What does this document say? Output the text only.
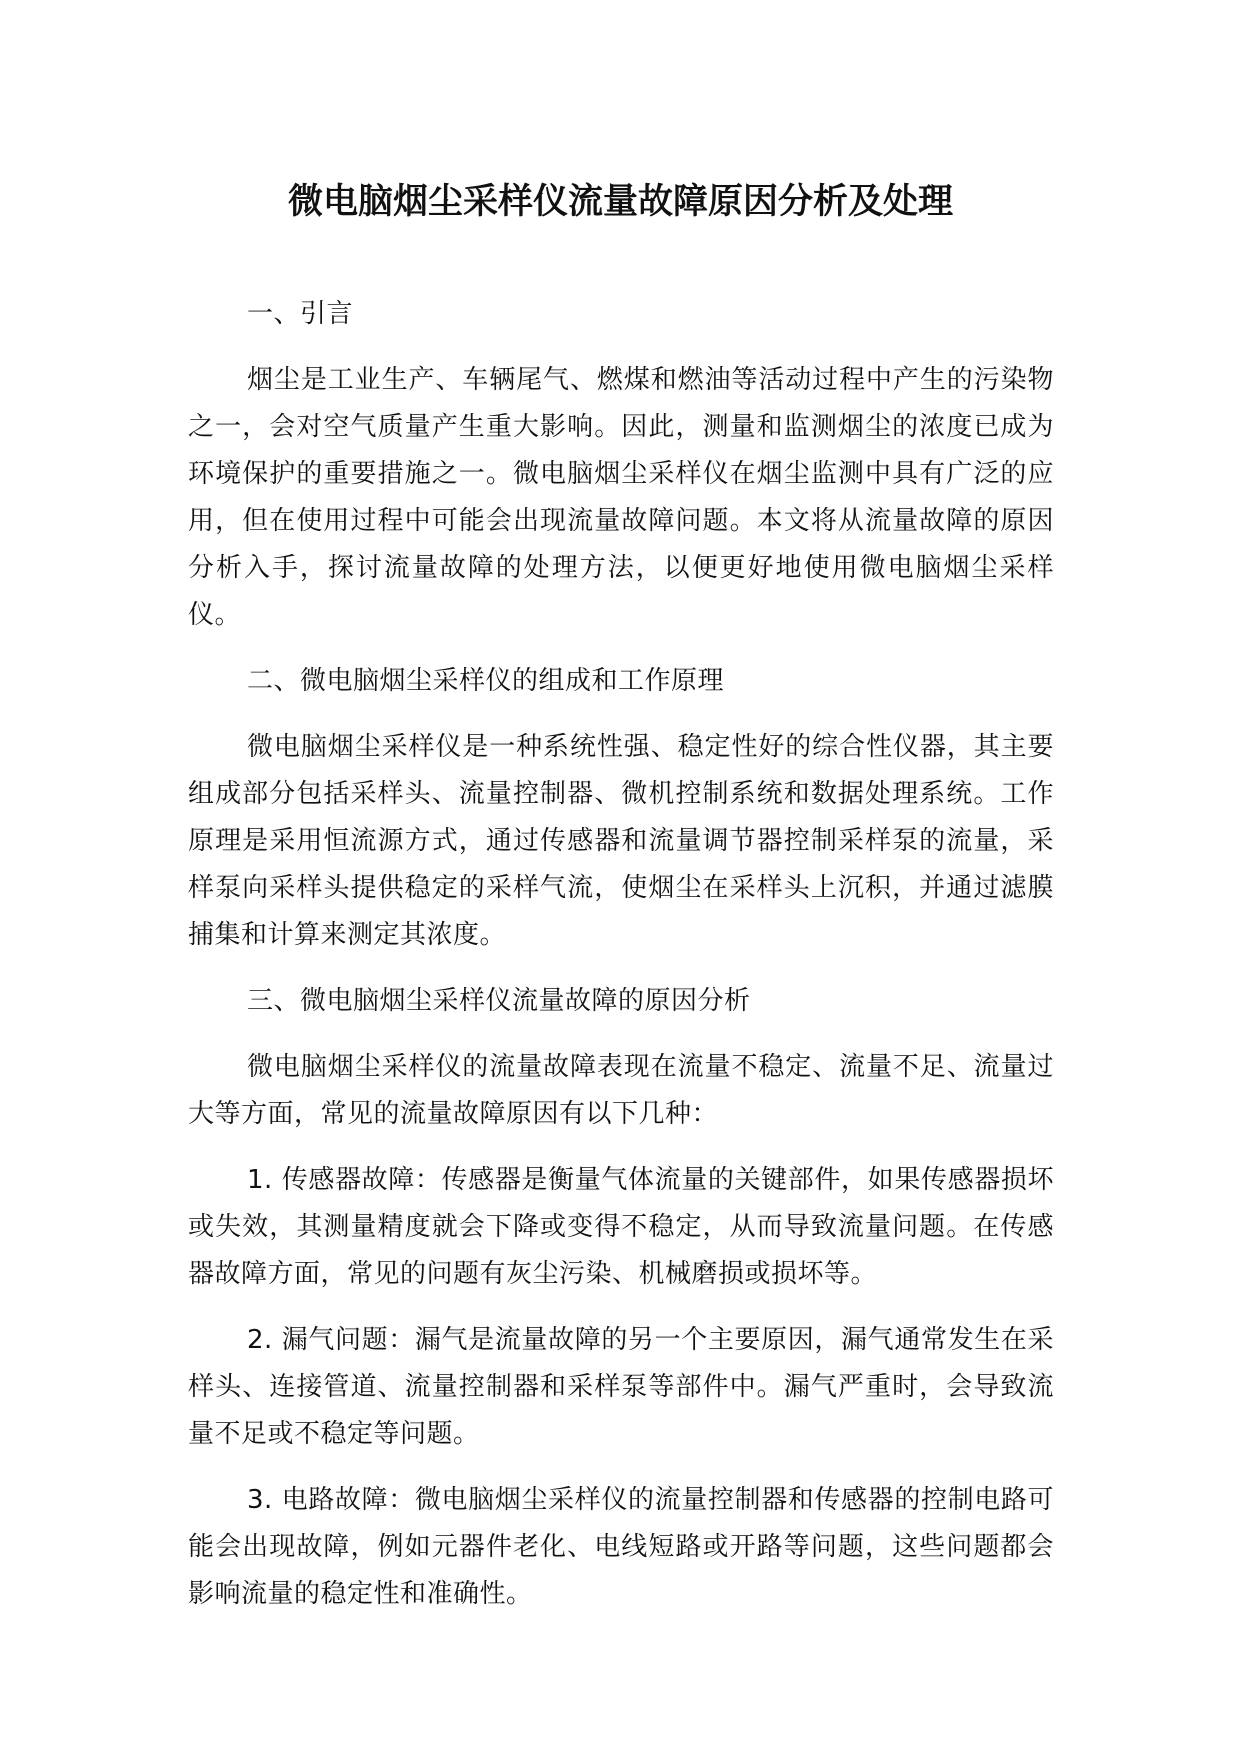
微电脑烟尘采样仪流量故障原因分析及处理

一、引言

烟尘是工业生产、车辆尾气、燃煤和燃油等活动过程中产生的污染物之一，会对空气质量产生重大影响。因此，测量和监测烟尘的浓度已成为环境保护的重要措施之一。微电脑烟尘采样仪在烟尘监测中具有广泛的应用，但在使用过程中可能会出现流量故障问题。本文将从流量故障的原因分析入手，探讨流量故障的处理方法，以便更好地使用微电脑烟尘采样仪。

二、微电脑烟尘采样仪的组成和工作原理

微电脑烟尘采样仪是一种系统性强、稳定性好的综合性仪器，其主要组成部分包括采样头、流量控制器、微机控制系统和数据处理系统。工作原理是采用恒流源方式，通过传感器和流量调节器控制采样泵的流量，采样泵向采样头提供稳定的采样气流，使烟尘在采样头上沉积，并通过滤膜捕集和计算来测定其浓度。

三、微电脑烟尘采样仪流量故障的原因分析

微电脑烟尘采样仪的流量故障表现在流量不稳定、流量不足、流量过大等方面，常见的流量故障原因有以下几种：

1. 传感器故障：传感器是衡量气体流量的关键部件，如果传感器损坏或失效，其测量精度就会下降或变得不稳定，从而导致流量问题。在传感器故障方面，常见的问题有灰尘污染、机械磨损或损坏等。

2. 漏气问题：漏气是流量故障的另一个主要原因，漏气通常发生在采样头、连接管道、流量控制器和采样泵等部件中。漏气严重时，会导致流量不足或不稳定等问题。

3. 电路故障：微电脑烟尘采样仪的流量控制器和传感器的控制电路可能会出现故障，例如元器件老化、电线短路或开路等问题，这些问题都会影响流量的稳定性和准确性。
